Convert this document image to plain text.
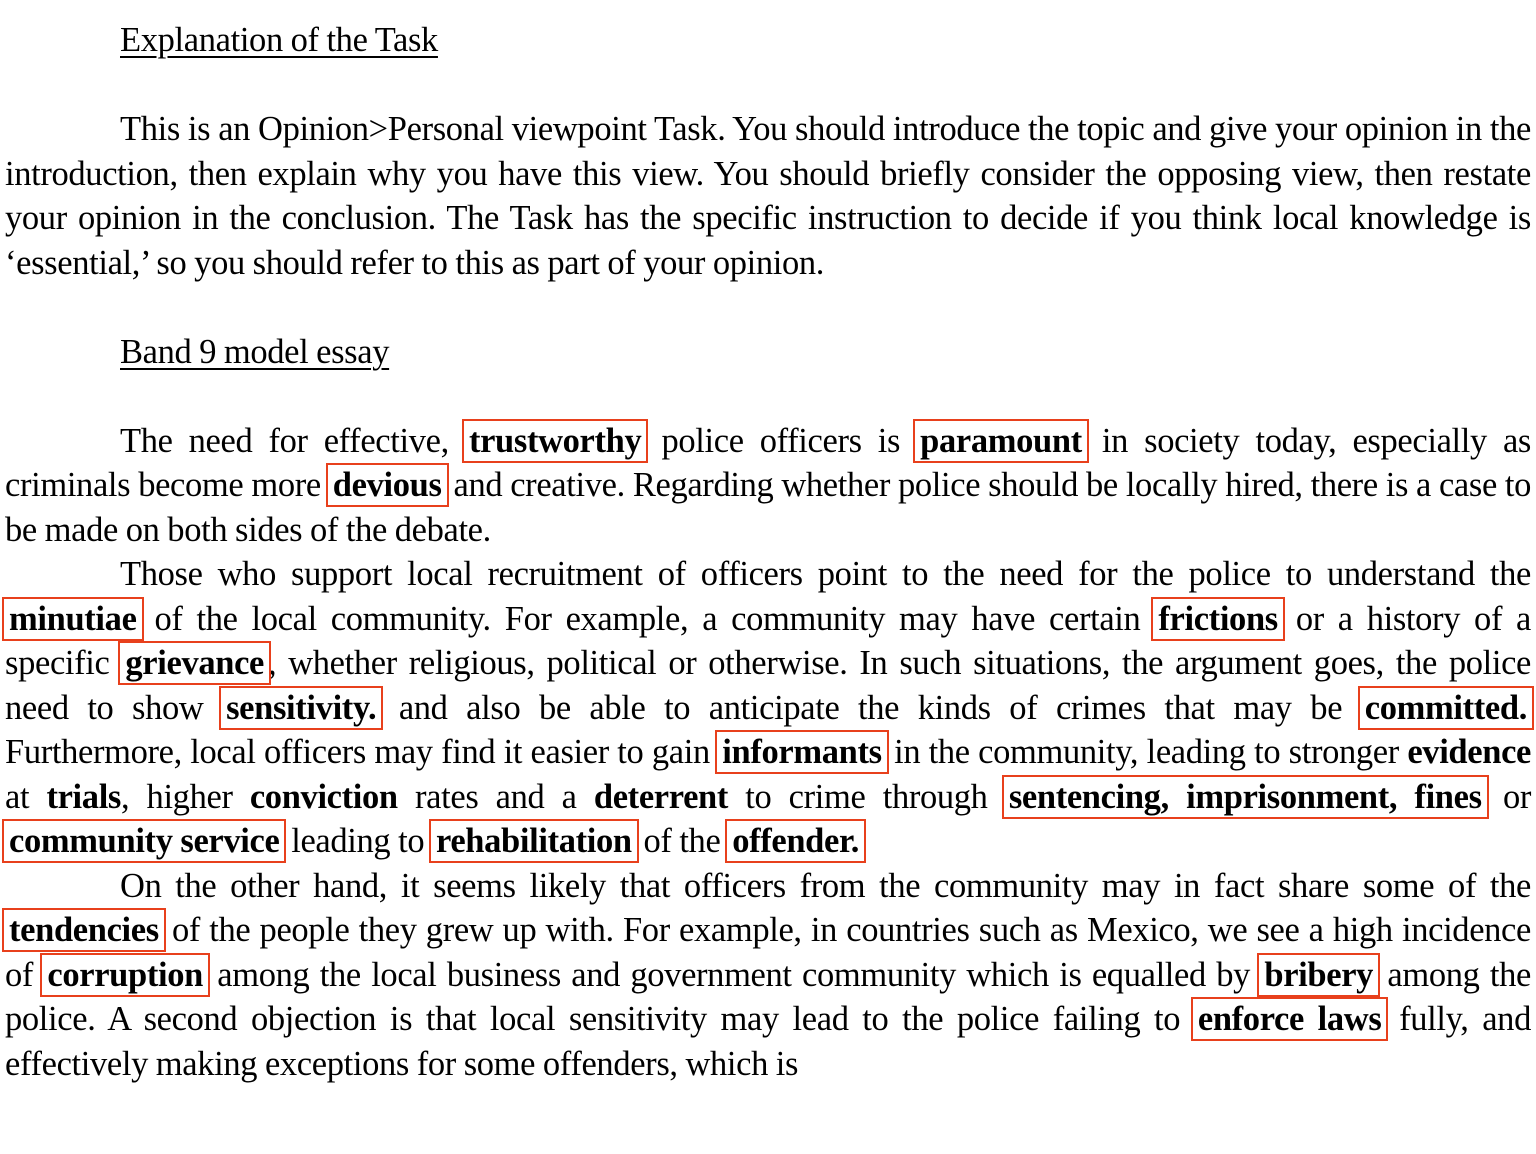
Explanation of the Task

This is an Opinion>Personal viewpoint Task. You should introduce the topic and give your opinion in the introduction, then explain why you have this view. You should briefly consider the opposing view, then restate your opinion in the conclusion. The Task has the specific instruction to decide if you think local knowledge is ‘essential,’ so you should refer to this as part of your opinion.

Band 9 model essay

The need for effective, trustworthy police officers is paramount in society today, especially as criminals become more devious and creative. Regarding whether police should be locally hired, there is a case to be made on both sides of the debate.

Those who support local recruitment of officers point to the need for the police to understand the minutiae of the local community. For example, a community may have certain frictions or a history of a specific grievance , whether religious, political or otherwise. In such situations, the argument goes, the police need to show sensitivity. and also be able to anticipate the kinds of crimes that may be committed. Furthermore, local officers may find it easier to gain informants in the community, leading to stronger evidence at trials, higher conviction rates and a deterrent to crime through sentencing, imprisonment, fines or community service leading to rehabilitation of the offender.

On the other hand, it seems likely that officers from the community may in fact share some of the tendencies of the people they grew up with. For example, in countries such as Mexico, we see a high incidence of corruption among the local business and government community which is equalled by bribery among the police. A second objection is that local sensitivity may lead to the police failing to enforce laws fully, and effectively making exceptions for some offenders, which is
